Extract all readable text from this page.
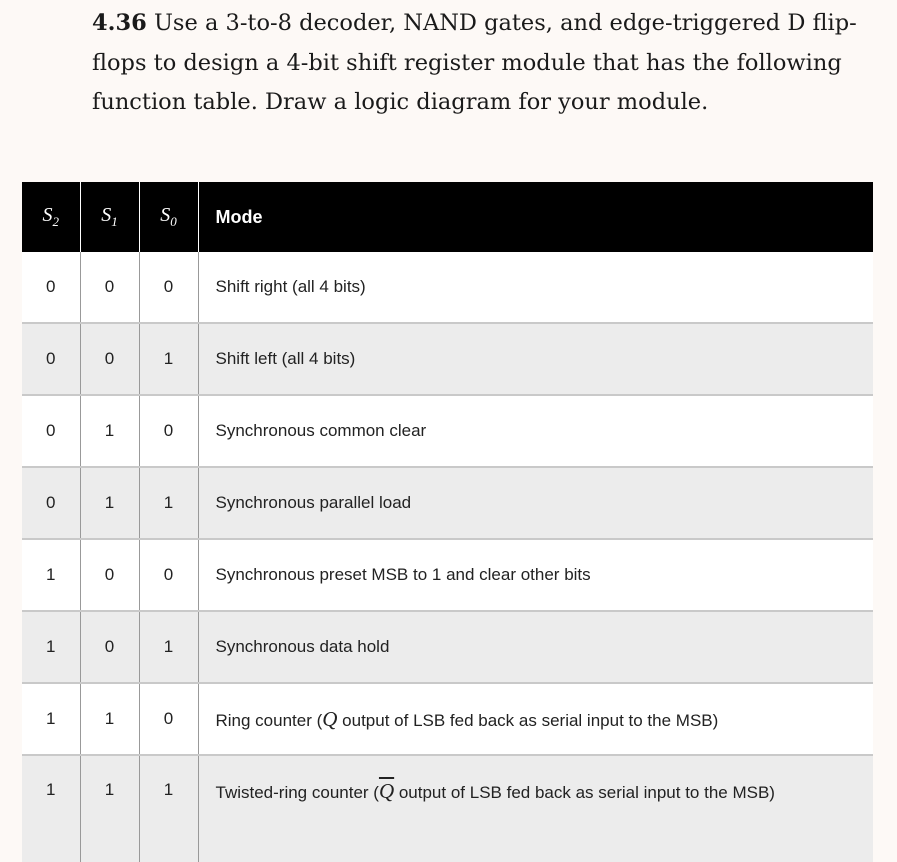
4.36 Use a 3-to-8 decoder, NAND gates, and edge-triggered D flip-flops to design a 4-bit shift register module that has the following function table. Draw a logic diagram for your module.

$S_2$	$S_1$	$S_0$	Mode
0	0	0	Shift right (all 4 bits)
0	0	1	Shift left (all 4 bits)
0	1	0	Synchronous common clear
0	1	1	Synchronous parallel load
1	0	0	Synchronous preset MSB to 1 and clear other bits
1	0	1	Synchronous data hold
1	1	0	Ring counter (Q output of LSB fed back as serial input to the MSB)
1	1	1	Twisted-ring counter ($\overline{Q}$ output of LSB fed back as serial input to the MSB)
